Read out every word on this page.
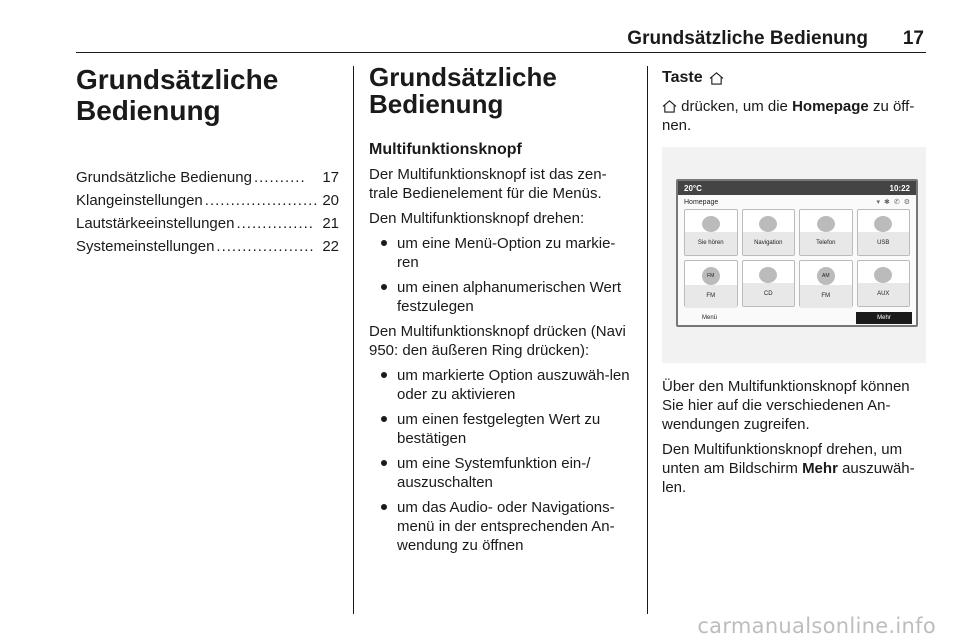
Grundsätzliche Bedienung 17
Grundsätzliche
Bedienung
Grundsätzliche Bedienung ..........	17
Klangeinstellungen ...................... 20
Lautstärkeeinstellungen ............... 21
Systemeinstellungen ................... 22
Grundsätzliche
Bedienung
Multifunktionsknopf

Der Multifunktionsknopf ist das zen-trale Bedienelement für die Menüs.

Den Multifunktionsknopf drehen:

um eine Menü-Option zu markie-ren
um einen alphanumerischen Wert festzulegen

Den Multifunktionsknopf drücken (Navi 950: den äußeren Ring drücken):

um markierte Option auszuwäh-len oder zu aktivieren
um einen festgelegten Wert zu bestätigen
um eine Systemfunktion ein-/ auszuschalten
um das Audio- oder Navigations-menü in der entsprechenden An-wendung zu öffnen
Taste

drücken, um die Homepage zu öff-nen.

20°C	10:22
Homepage	▾ ✱ ✆ ⚙
Sie hören	Navigation	Telefon	USB
FM
FM	CD
AM
FM	AUX
Menü	Mehr

Über den Multifunktionsknopf können Sie hier auf die verschiedenen An-wendungen zugreifen.

Den Multifunktionsknopf drehen, um unten am Bildschirm Mehr auszuwäh-len.

carmanualsonline.info
